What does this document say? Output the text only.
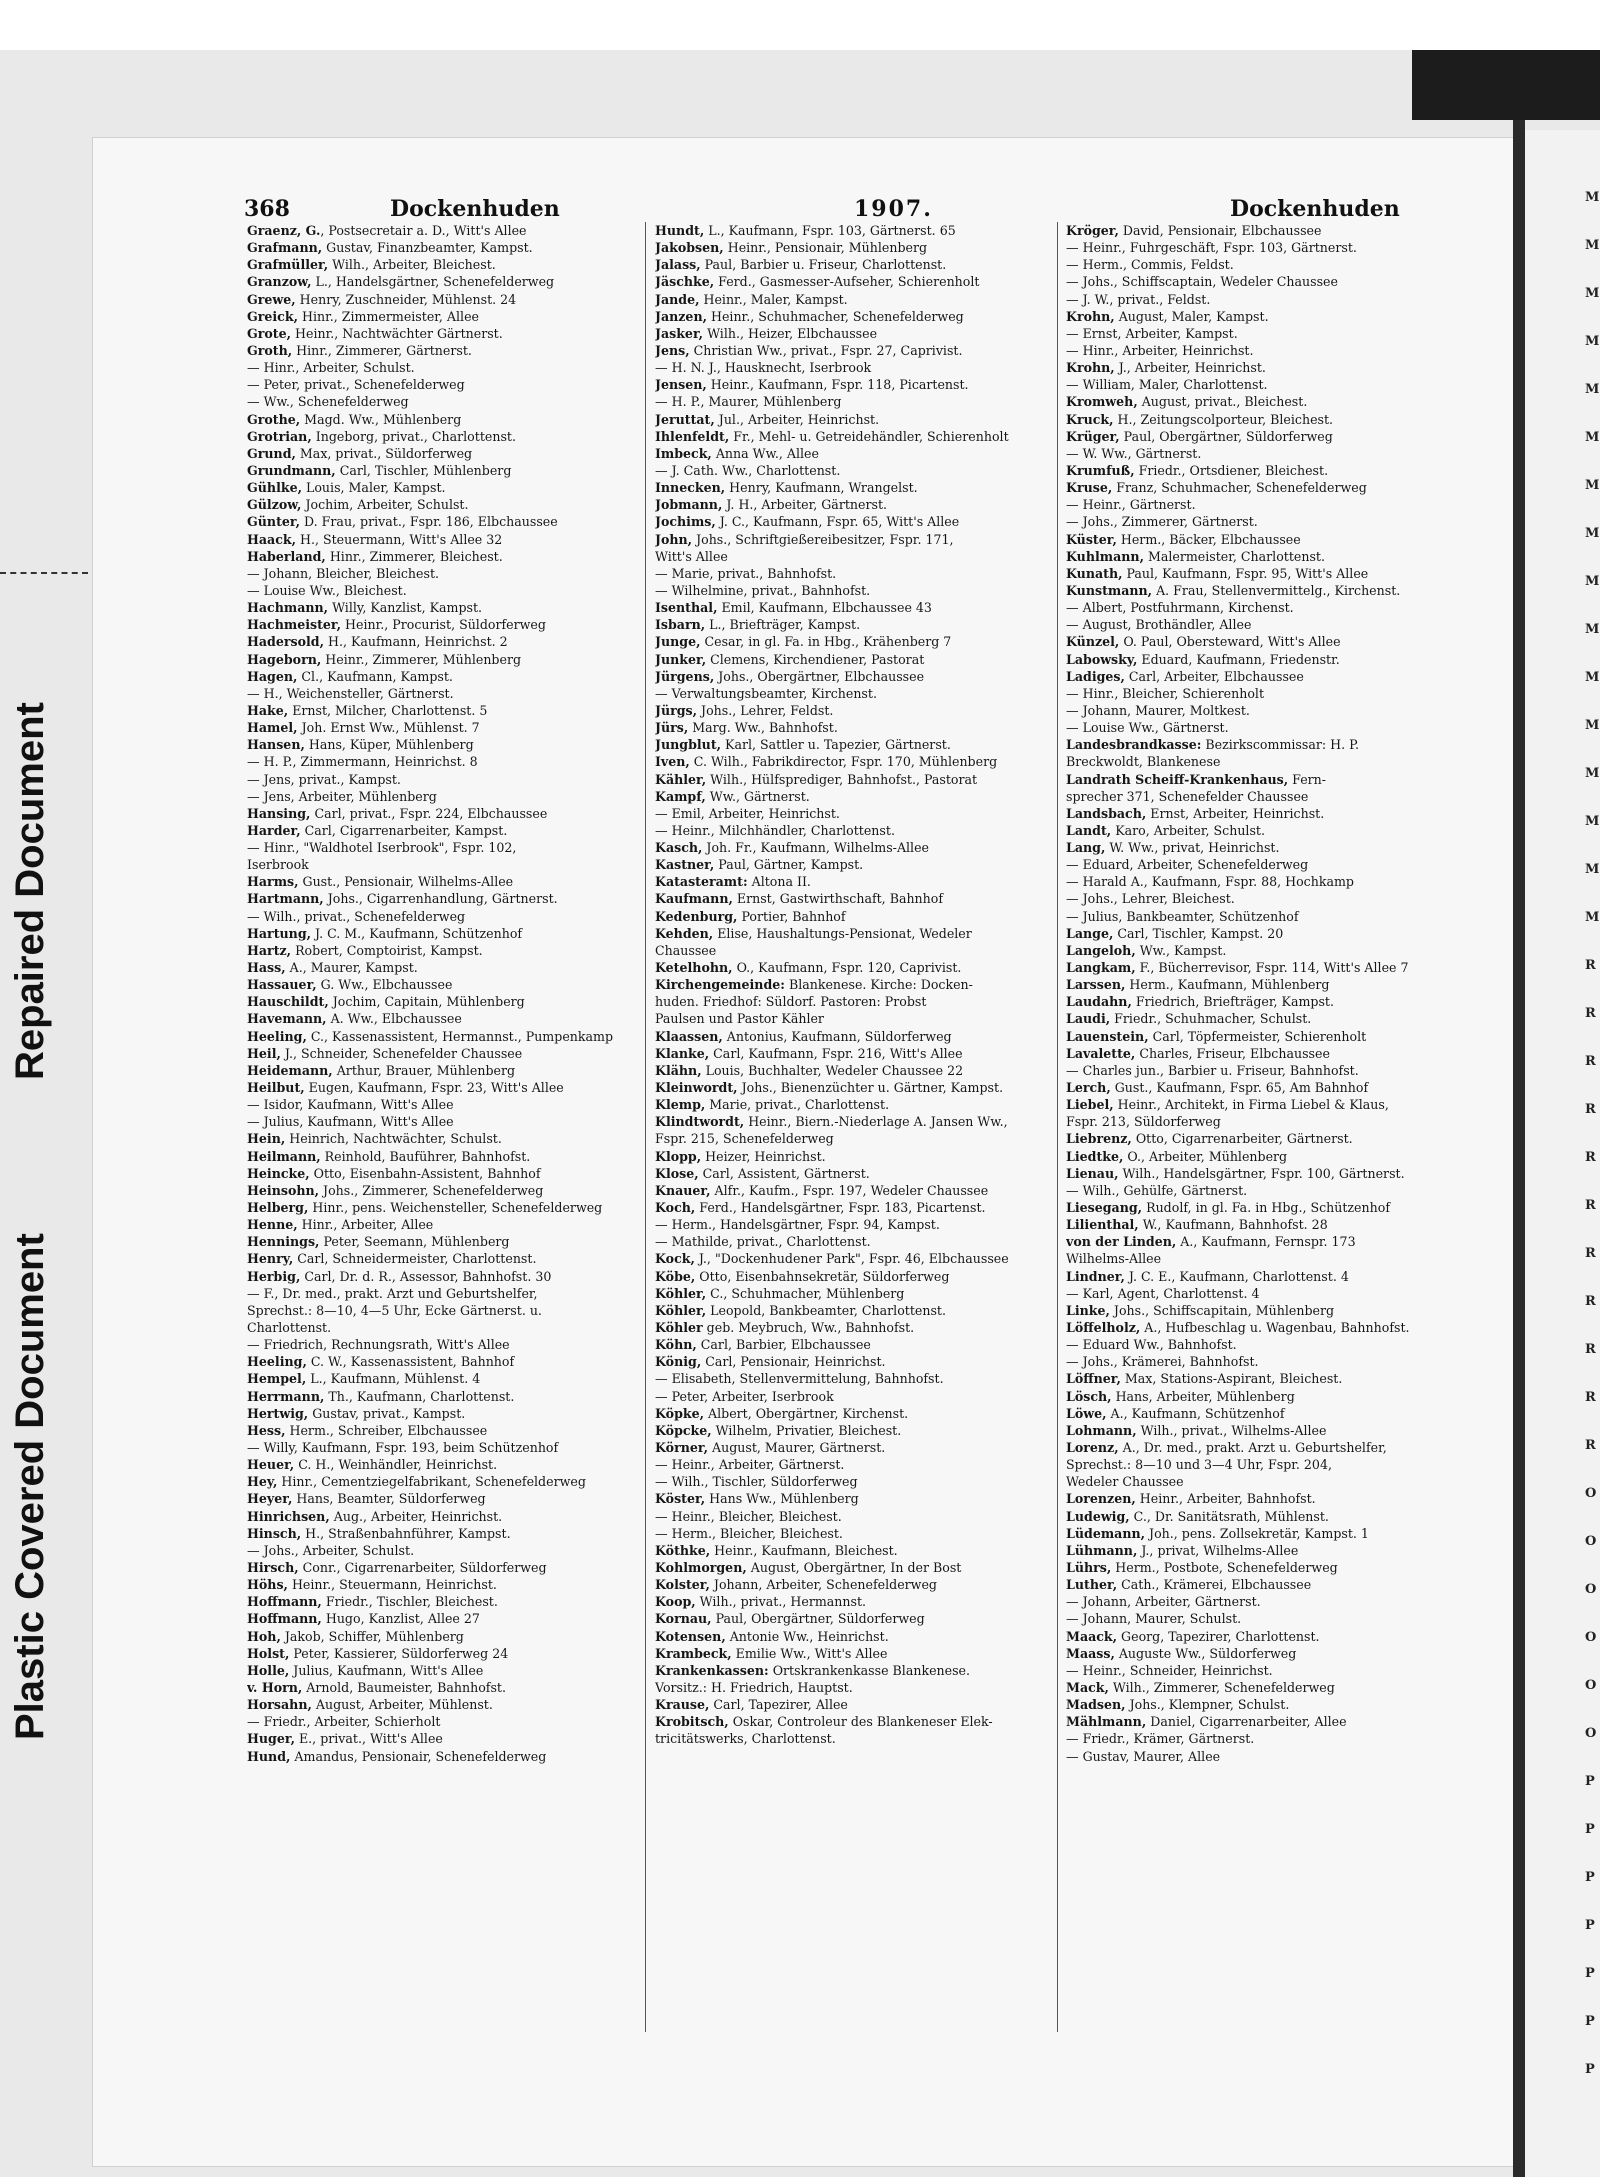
Repaired Document
Plastic Covered Document
M
M
M
M
M
M
M
M
M
M
M
M
M
M
M
M
R
R
R
R
R
R
R
R
R
R
R
O
O
O
O
O
O
P
P
P
P
P
P
P
368	Dockenhuden	1907.	Dockenhuden
Graenz, G., Postsecretair a. D., Witt's Allee
Grafmann, Gustav, Finanzbeamter, Kampst.
Grafmüller, Wilh., Arbeiter, Bleichest.
Granzow, L., Handelsgärtner, Schenefelderweg
Grewe, Henry, Zuschneider, Mühlenst. 24
Greick, Hinr., Zimmermeister, Allee
Grote, Heinr., Nachtwächter Gärtnerst.
Groth, Hinr., Zimmerer, Gärtnerst.
— Hinr., Arbeiter, Schulst.
— Peter, privat., Schenefelderweg
— Ww., Schenefelderweg
Grothe, Magd. Ww., Mühlenberg
Grotrian, Ingeborg, privat., Charlottenst.
Grund, Max, privat., Süldorferweg
Grundmann, Carl, Tischler, Mühlenberg
Gühlke, Louis, Maler, Kampst.
Gülzow, Jochim, Arbeiter, Schulst.
Günter, D. Frau, privat., Fspr. 186, Elbchaussee
Haack, H., Steuermann, Witt's Allee 32
Haberland, Hinr., Zimmerer, Bleichest.
— Johann, Bleicher, Bleichest.
— Louise Ww., Bleichest.
Hachmann, Willy, Kanzlist, Kampst.
Hachmeister, Heinr., Procurist, Süldorferweg
Hadersold, H., Kaufmann, Heinrichst. 2
Hageborn, Heinr., Zimmerer, Mühlenberg
Hagen, Cl., Kaufmann, Kampst.
— H., Weichensteller, Gärtnerst.
Hake, Ernst, Milcher, Charlottenst. 5
Hamel, Joh. Ernst Ww., Mühlenst. 7
Hansen, Hans, Küper, Mühlenberg
— H. P., Zimmermann, Heinrichst. 8
— Jens, privat., Kampst.
— Jens, Arbeiter, Mühlenberg
Hansing, Carl, privat., Fspr. 224, Elbchaussee
Harder, Carl, Cigarrenarbeiter, Kampst.
— Hinr., "Waldhotel Iserbrook", Fspr. 102,
Iserbrook
Harms, Gust., Pensionair, Wilhelms-Allee
Hartmann, Johs., Cigarrenhandlung, Gärtnerst.
— Wilh., privat., Schenefelderweg
Hartung, J. C. M., Kaufmann, Schützenhof
Hartz, Robert, Comptoirist, Kampst.
Hass, A., Maurer, Kampst.
Hassauer, G. Ww., Elbchaussee
Hauschildt, Jochim, Capitain, Mühlenberg
Havemann, A. Ww., Elbchaussee
Heeling, C., Kassenassistent, Hermannst., Pumpenkamp
Heil, J., Schneider, Schenefelder Chaussee
Heidemann, Arthur, Brauer, Mühlenberg
Heilbut, Eugen, Kaufmann, Fspr. 23, Witt's Allee
— Isidor, Kaufmann, Witt's Allee
— Julius, Kaufmann, Witt's Allee
Hein, Heinrich, Nachtwächter, Schulst.
Heilmann, Reinhold, Bauführer, Bahnhofst.
Heincke, Otto, Eisenbahn-Assistent, Bahnhof
Heinsohn, Johs., Zimmerer, Schenefelderweg
Helberg, Hinr., pens. Weichensteller, Schenefelderweg
Henne, Hinr., Arbeiter, Allee
Hennings, Peter, Seemann, Mühlenberg
Henry, Carl, Schneidermeister, Charlottenst.
Herbig, Carl, Dr. d. R., Assessor, Bahnhofst. 30
— F., Dr. med., prakt. Arzt und Geburtshelfer,
Sprechst.: 8—10, 4—5 Uhr, Ecke Gärtnerst. u.
Charlottenst.
— Friedrich, Rechnungsrath, Witt's Allee
Heeling, C. W., Kassenassistent, Bahnhof
Hempel, L., Kaufmann, Mühlenst. 4
Herrmann, Th., Kaufmann, Charlottenst.
Hertwig, Gustav, privat., Kampst.
Hess, Herm., Schreiber, Elbchaussee
— Willy, Kaufmann, Fspr. 193, beim Schützenhof
Heuer, C. H., Weinhändler, Heinrichst.
Hey, Hinr., Cementziegelfabrikant, Schenefelderweg
Heyer, Hans, Beamter, Süldorferweg
Hinrichsen, Aug., Arbeiter, Heinrichst.
Hinsch, H., Straßenbahnführer, Kampst.
— Johs., Arbeiter, Schulst.
Hirsch, Conr., Cigarrenarbeiter, Süldorferweg
Höhs, Heinr., Steuermann, Heinrichst.
Hoffmann, Friedr., Tischler, Bleichest.
Hoffmann, Hugo, Kanzlist, Allee 27
Hoh, Jakob, Schiffer, Mühlenberg
Holst, Peter, Kassierer, Süldorferweg 24
Holle, Julius, Kaufmann, Witt's Allee
v. Horn, Arnold, Baumeister, Bahnhofst.
Horsahn, August, Arbeiter, Mühlenst.
— Friedr., Arbeiter, Schierholt
Huger, E., privat., Witt's Allee
Hund, Amandus, Pensionair, Schenefelderweg
Hundt, L., Kaufmann, Fspr. 103, Gärtnerst. 65
Jakobsen, Heinr., Pensionair, Mühlenberg
Jalass, Paul, Barbier u. Friseur, Charlottenst.
Jäschke, Ferd., Gasmesser-Aufseher, Schierenholt
Jande, Heinr., Maler, Kampst.
Janzen, Heinr., Schuhmacher, Schenefelderweg
Jasker, Wilh., Heizer, Elbchaussee
Jens, Christian Ww., privat., Fspr. 27, Caprivist.
— H. N. J., Hausknecht, Iserbrook
Jensen, Heinr., Kaufmann, Fspr. 118, Picartenst.
— H. P., Maurer, Mühlenberg
Jeruttat, Jul., Arbeiter, Heinrichst.
Ihlenfeldt, Fr., Mehl- u. Getreidehändler, Schierenholt
Imbeck, Anna Ww., Allee
— J. Cath. Ww., Charlottenst.
Innecken, Henry, Kaufmann, Wrangelst.
Jobmann, J. H., Arbeiter, Gärtnerst.
Jochims, J. C., Kaufmann, Fspr. 65, Witt's Allee
John, Johs., Schriftgießereibesitzer, Fspr. 171,
Witt's Allee
— Marie, privat., Bahnhofst.
— Wilhelmine, privat., Bahnhofst.
Isenthal, Emil, Kaufmann, Elbchaussee 43
Isbarn, L., Briefträger, Kampst.
Junge, Cesar, in gl. Fa. in Hbg., Krähenberg 7
Junker, Clemens, Kirchendiener, Pastorat
Jürgens, Johs., Obergärtner, Elbchaussee
— Verwaltungsbeamter, Kirchenst.
Jürgs, Johs., Lehrer, Feldst.
Jürs, Marg. Ww., Bahnhofst.
Jungblut, Karl, Sattler u. Tapezier, Gärtnerst.
Iven, C. Wilh., Fabrikdirector, Fspr. 170, Mühlenberg
Kähler, Wilh., Hülfsprediger, Bahnhofst., Pastorat
Kampf, Ww., Gärtnerst.
— Emil, Arbeiter, Heinrichst.
— Heinr., Milchhändler, Charlottenst.
Kasch, Joh. Fr., Kaufmann, Wilhelms-Allee
Kastner, Paul, Gärtner, Kampst.
Katasteramt: Altona II.
Kaufmann, Ernst, Gastwirthschaft, Bahnhof
Kedenburg, Portier, Bahnhof
Kehden, Elise, Haushaltungs-Pensionat, Wedeler
Chaussee
Ketelhohn, O., Kaufmann, Fspr. 120, Caprivist.
Kirchengemeinde: Blankenese. Kirche: Docken-
huden. Friedhof: Süldorf. Pastoren: Probst
Paulsen und Pastor Kähler
Klaassen, Antonius, Kaufmann, Süldorferweg
Klanke, Carl, Kaufmann, Fspr. 216, Witt's Allee
Klähn, Louis, Buchhalter, Wedeler Chaussee 22
Kleinwordt, Johs., Bienenzüchter u. Gärtner, Kampst.
Klemp, Marie, privat., Charlottenst.
Klindtwordt, Heinr., Biern.-Niederlage A. Jansen Ww.,
Fspr. 215, Schenefelderweg
Klopp, Heizer, Heinrichst.
Klose, Carl, Assistent, Gärtnerst.
Knauer, Alfr., Kaufm., Fspr. 197, Wedeler Chaussee
Koch, Ferd., Handelsgärtner, Fspr. 183, Picartenst.
— Herm., Handelsgärtner, Fspr. 94, Kampst.
— Mathilde, privat., Charlottenst.
Kock, J., "Dockenhudener Park", Fspr. 46, Elbchaussee
Köbe, Otto, Eisenbahnsekretär, Süldorferweg
Köhler, C., Schuhmacher, Mühlenberg
Köhler, Leopold, Bankbeamter, Charlottenst.
Köhler geb. Meybruch, Ww., Bahnhofst.
Köhn, Carl, Barbier, Elbchaussee
König, Carl, Pensionair, Heinrichst.
— Elisabeth, Stellenvermittelung, Bahnhofst.
— Peter, Arbeiter, Iserbrook
Köpke, Albert, Obergärtner, Kirchenst.
Köpcke, Wilhelm, Privatier, Bleichest.
Körner, August, Maurer, Gärtnerst.
— Heinr., Arbeiter, Gärtnerst.
— Wilh., Tischler, Süldorferweg
Köster, Hans Ww., Mühlenberg
— Heinr., Bleicher, Bleichest.
— Herm., Bleicher, Bleichest.
Köthke, Heinr., Kaufmann, Bleichest.
Kohlmorgen, August, Obergärtner, In der Bost
Kolster, Johann, Arbeiter, Schenefelderweg
Koop, Wilh., privat., Hermannst.
Kornau, Paul, Obergärtner, Süldorferweg
Kotensen, Antonie Ww., Heinrichst.
Krambeck, Emilie Ww., Witt's Allee
Krankenkassen: Ortskrankenkasse Blankenese.
Vorsitz.: H. Friedrich, Hauptst.
Krause, Carl, Tapezirer, Allee
Krobitsch, Oskar, Controleur des Blankeneser Elek-
tricitätswerks, Charlottenst.
Kröger, David, Pensionair, Elbchaussee
— Heinr., Fuhrgeschäft, Fspr. 103, Gärtnerst.
— Herm., Commis, Feldst.
— Johs., Schiffscaptain, Wedeler Chaussee
— J. W., privat., Feldst.
Krohn, August, Maler, Kampst.
— Ernst, Arbeiter, Kampst.
— Hinr., Arbeiter, Heinrichst.
Krohn, J., Arbeiter, Heinrichst.
— William, Maler, Charlottenst.
Kromweh, August, privat., Bleichest.
Kruck, H., Zeitungscolporteur, Bleichest.
Krüger, Paul, Obergärtner, Süldorferweg
— W. Ww., Gärtnerst.
Krumfuß, Friedr., Ortsdiener, Bleichest.
Kruse, Franz, Schuhmacher, Schenefelderweg
— Heinr., Gärtnerst.
— Johs., Zimmerer, Gärtnerst.
Küster, Herm., Bäcker, Elbchaussee
Kuhlmann, Malermeister, Charlottenst.
Kunath, Paul, Kaufmann, Fspr. 95, Witt's Allee
Kunstmann, A. Frau, Stellenvermittelg., Kirchenst.
— Albert, Postfuhrmann, Kirchenst.
— August, Brothändler, Allee
Künzel, O. Paul, Obersteward, Witt's Allee
Labowsky, Eduard, Kaufmann, Friedenstr.
Ladiges, Carl, Arbeiter, Elbchaussee
— Hinr., Bleicher, Schierenholt
— Johann, Maurer, Moltkest.
— Louise Ww., Gärtnerst.
Landesbrandkasse: Bezirkscommissar: H. P.
Breckwoldt, Blankenese
Landrath Scheiff-Krankenhaus, Fern-
sprecher 371, Schenefelder Chaussee
Landsbach, Ernst, Arbeiter, Heinrichst.
Landt, Karo, Arbeiter, Schulst.
Lang, W. Ww., privat, Heinrichst.
— Eduard, Arbeiter, Schenefelderweg
— Harald A., Kaufmann, Fspr. 88, Hochkamp
— Johs., Lehrer, Bleichest.
— Julius, Bankbeamter, Schützenhof
Lange, Carl, Tischler, Kampst. 20
Langeloh, Ww., Kampst.
Langkam, F., Bücherrevisor, Fspr. 114, Witt's Allee 7
Larssen, Herm., Kaufmann, Mühlenberg
Laudahn, Friedrich, Briefträger, Kampst.
Laudi, Friedr., Schuhmacher, Schulst.
Lauenstein, Carl, Töpfermeister, Schierenholt
Lavalette, Charles, Friseur, Elbchaussee
— Charles jun., Barbier u. Friseur, Bahnhofst.
Lerch, Gust., Kaufmann, Fspr. 65, Am Bahnhof
Liebel, Heinr., Architekt, in Firma Liebel & Klaus,
Fspr. 213, Süldorferweg
Liebrenz, Otto, Cigarrenarbeiter, Gärtnerst.
Liedtke, O., Arbeiter, Mühlenberg
Lienau, Wilh., Handelsgärtner, Fspr. 100, Gärtnerst.
— Wilh., Gehülfe, Gärtnerst.
Liesegang, Rudolf, in gl. Fa. in Hbg., Schützenhof
Lilienthal, W., Kaufmann, Bahnhofst. 28
von der Linden, A., Kaufmann, Fernspr. 173
Wilhelms-Allee
Lindner, J. C. E., Kaufmann, Charlottenst. 4
— Karl, Agent, Charlottenst. 4
Linke, Johs., Schiffscapitain, Mühlenberg
Löffelholz, A., Hufbeschlag u. Wagenbau, Bahnhofst.
— Eduard Ww., Bahnhofst.
— Johs., Krämerei, Bahnhofst.
Löffner, Max, Stations-Aspirant, Bleichest.
Lösch, Hans, Arbeiter, Mühlenberg
Löwe, A., Kaufmann, Schützenhof
Lohmann, Wilh., privat., Wilhelms-Allee
Lorenz, A., Dr. med., prakt. Arzt u. Geburtshelfer,
Sprechst.: 8—10 und 3—4 Uhr, Fspr. 204,
Wedeler Chaussee
Lorenzen, Heinr., Arbeiter, Bahnhofst.
Ludewig, C., Dr. Sanitätsrath, Mühlenst.
Lüdemann, Joh., pens. Zollsekretär, Kampst. 1
Lühmann, J., privat, Wilhelms-Allee
Lührs, Herm., Postbote, Schenefelderweg
Luther, Cath., Krämerei, Elbchaussee
— Johann, Arbeiter, Gärtnerst.
— Johann, Maurer, Schulst.
Maack, Georg, Tapezirer, Charlottenst.
Maass, Auguste Ww., Süldorferweg
— Heinr., Schneider, Heinrichst.
Mack, Wilh., Zimmerer, Schenefelderweg
Madsen, Johs., Klempner, Schulst.
Mählmann, Daniel, Cigarrenarbeiter, Allee
— Friedr., Krämer, Gärtnerst.
— Gustav, Maurer, Allee
